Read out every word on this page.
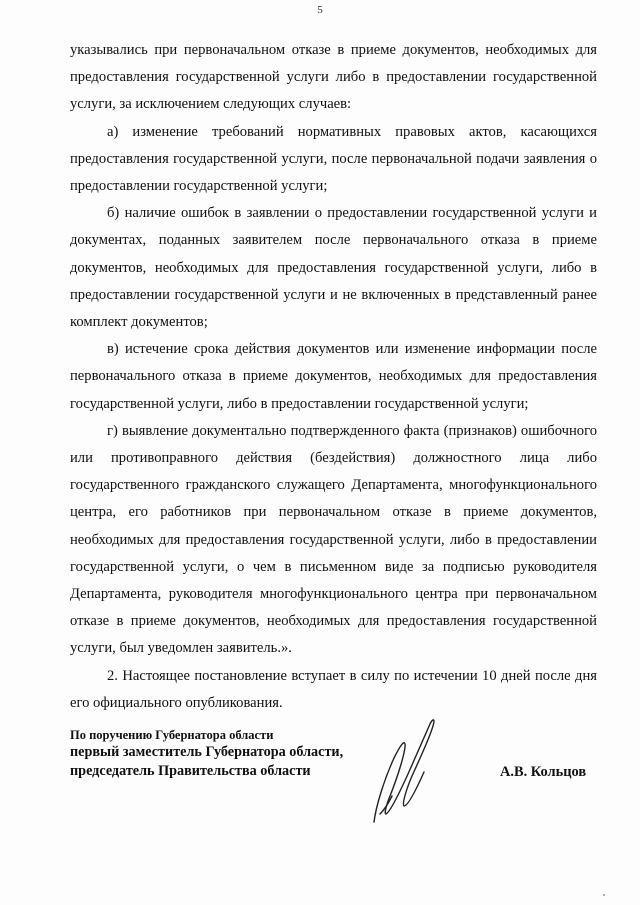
5

указывались при первоначальном отказе в приеме документов, необходимых для предоставления государственной услуги либо в предоставлении государственной услуги, за исключением следующих случаев:

а) изменение требований нормативных правовых актов, касающихся предоставления государственной услуги, после первоначальной подачи заявления о предоставлении государственной услуги;

б) наличие ошибок в заявлении о предоставлении государственной услуги и документах, поданных заявителем после первоначального отказа в приеме документов, необходимых для предоставления государственной услуги, либо в предоставлении государственной услуги и не включенных в представленный ранее комплект документов;

в) истечение срока действия документов или изменение информации после первоначального отказа в приеме документов, необходимых для предоставления государственной услуги, либо в предоставлении государственной услуги;

г) выявление документально подтвержденного факта (признаков) ошибочного или противоправного действия (бездействия) должностного лица либо государственного гражданского служащего Департамента, многофункционального центра, его работников при первоначальном отказе в приеме документов, необходимых для предоставления государственной услуги, либо в предоставлении государственной услуги, о чем в письменном виде за подписью руководителя Департамента, руководителя многофункционального центра при первоначальном отказе в приеме документов, необходимых для предоставления государственной услуги, был уведомлен заявитель.».

2. Настоящее постановление вступает в силу по истечении 10 дней после дня его официального опубликования.

По поручению Губернатора области
первый заместитель Губернатора области,
председатель Правительства области	А.В. Кольцов
